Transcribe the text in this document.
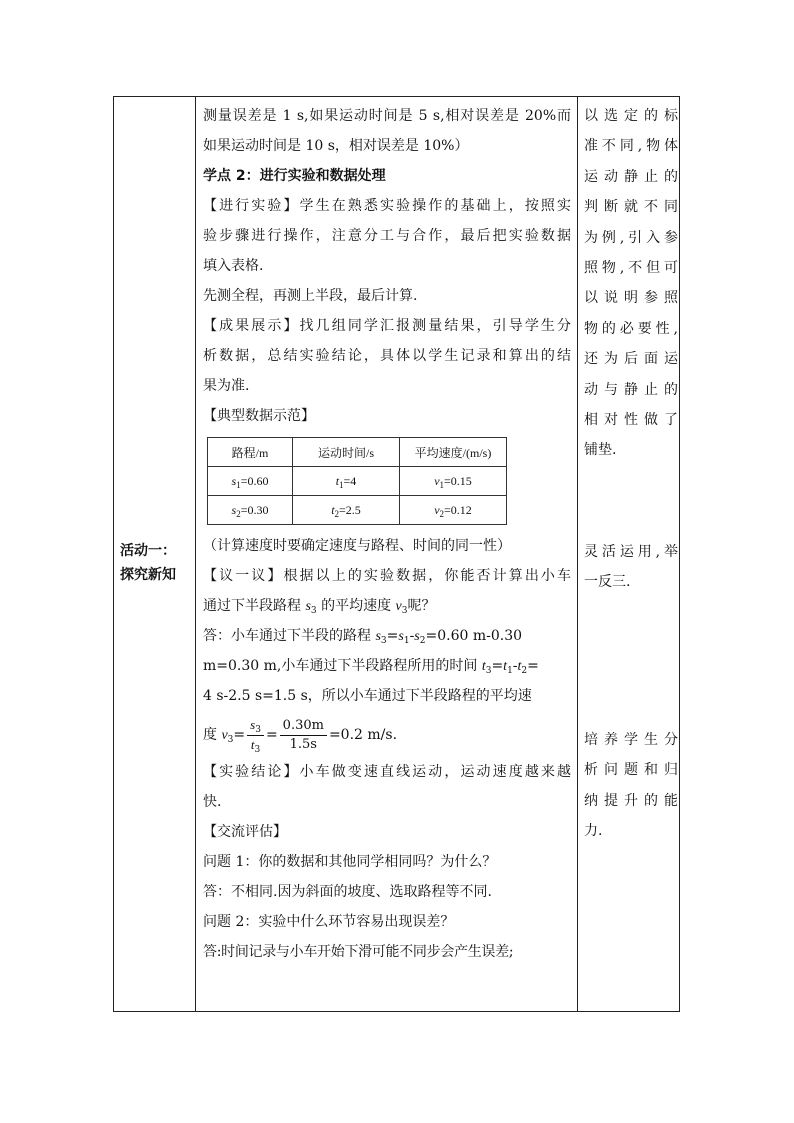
活动一：
探究新知
测量误差是 1 s,如果运动时间是 5 s,相对误差是 20%而
如果运动时间是 10 s，相对误差是 10%）
学点 2：进行实验和数据处理
【进行实验】学生在熟悉实验操作的基础上，按照实
验步骤进行操作，注意分工与合作，最后把实验数据
填入表格.
先测全程，再测上半段，最后计算.
【成果展示】找几组同学汇报测量结果，引导学生分
析数据，总结实验结论，具体以学生记录和算出的结
果为准.
【典型数据示范】
路程/m	运动时间/s	平均速度/(m/s)
$s_1=0.60$	$t_1=4$	$v_1=0.15$
$s_2=0.30$	$t_2=2.5$	$v_2=0.12$
（计算速度时要确定速度与路程、时间的同一性）
【议一议】根据以上的实验数据，你能否计算出小车
通过下半段路程 $s_3$ 的平均速度 $v_3$呢？
答：小车通过下半段的路程 $s_3=s_1-s_2=0.60$ m-0.30
m=0.30 m,小车通过下半段路程所用的时间 $t_3=t_1-t_2=$
4 s-2.5 s=1.5 s，所以小车通过下半段路程的平均速
度 $v_3= \frac{s_3}{t_3} = \frac{0.30m}{1.5s} =0.2$ m/s.
【实验结论】小车做变速直线运动，运动速度越来越
快.
【交流评估】
问题 1：你的数据和其他同学相同吗？为什么？
答：不相同.因为斜面的坡度、选取路程等不同.
问题 2：实验中什么环节容易出现误差？
答:时间记录与小车开始下滑可能不同步会产生误差;
以选定的标
准不同,物体
运动静止的
判断就不同
为例,引入参
照物,不但可
以说明参照
物的必要性,
还为后面运
动与静止的
相对性做了
铺垫.
灵活运用,举
一反三.
培养学生分
析问题和归
纳提升的能
力.
